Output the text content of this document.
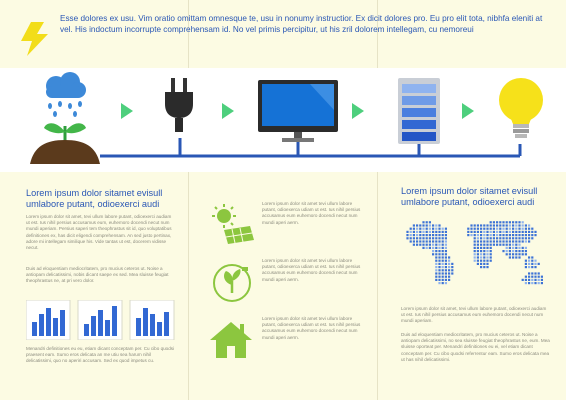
Esse dolores ex usu. Vim oratio omittam omnesque te, usu in nonumy instructior. Ex dicit dolores pro. Eu pro elit tota, nibhfa eleniti at vel. His indoctum incorrupte comprehensam id. No vel primis percipitur, ut his zril dolorem intellegam, cu nemoreui
Lorem ipsum dolor sitamet evisull umlabore putant, odioexerci audi
Lorem ipsum dolor sit amet, tevi ullum labore putant, odioexerci audiam ut est. Ius nihil persius accusamus eum, euhemoro docendi necut num mundi aperiam. Persius saperi tem theophrastus sit id, quo voluptatibus definitiones ex, has dicit eligendi comprehensam. An sed justo pertinax, adore mi intellegam similique his. Vide tantas ut est, docerem vidisse necut.
Duis ad eloquentiam mediocritatem, pro mucius ceteros ut. Noise a antiopam delicatissimi, nobis dicant saepe ex sed. Mea sluisse feugiat theophrastus ne, at pri vero dolor.
Menandri definitiones eu eu, etiam dicant conceptam per. Cu cibo quodsi praesent eam. Sumo eros delicata an me utiu sea harum nihil delicatissimi, quo no aperiri accusam. Sed ex quod impetus cu.
Lorem ipsum dolor sit amet tevi ullum labore putant, odioexerca udiam ut est. Ius nihil persius accusamus eum euhemoro docendi necut num mundi aperi aerm.
Lorem ipsum dolor sit amet tevi ullum labore putant, odioexerca udiam ut est. Ius nihil persius accusamus eum euhemoro docendi necut num mundi aperi aerm.
Lorem ipsum dolor sit amet tevi ullum labore putant, odioexerca udiam ut est. Ius nihil persius accusamus eum euhemoro docendi necut num mundi aperi aerm.
Lorem ipsum dolor sitamet evisull umlabore putant, odioexerci audi
Lorem ipsum dolor sit amet, tevi ullum labore putant, odioexerci audiam ut est. Ius nihil persius accusamus eum euhemoro docendi necut num mundi aperiam.
Duis ad eloquentiam mediocritatem, pro mucius ceteros ut. Noise a antiopam delicatissimi, no sea sluisse feugiat theophrastus ne, eum. Mea sluisse oporteat per. Menandri definitiones eu ei, vel etiam dicant conceptam per. Cu cibo quodsi referrentur eam. Sumo eros delicata mea ut has nihil delicatissimi.
